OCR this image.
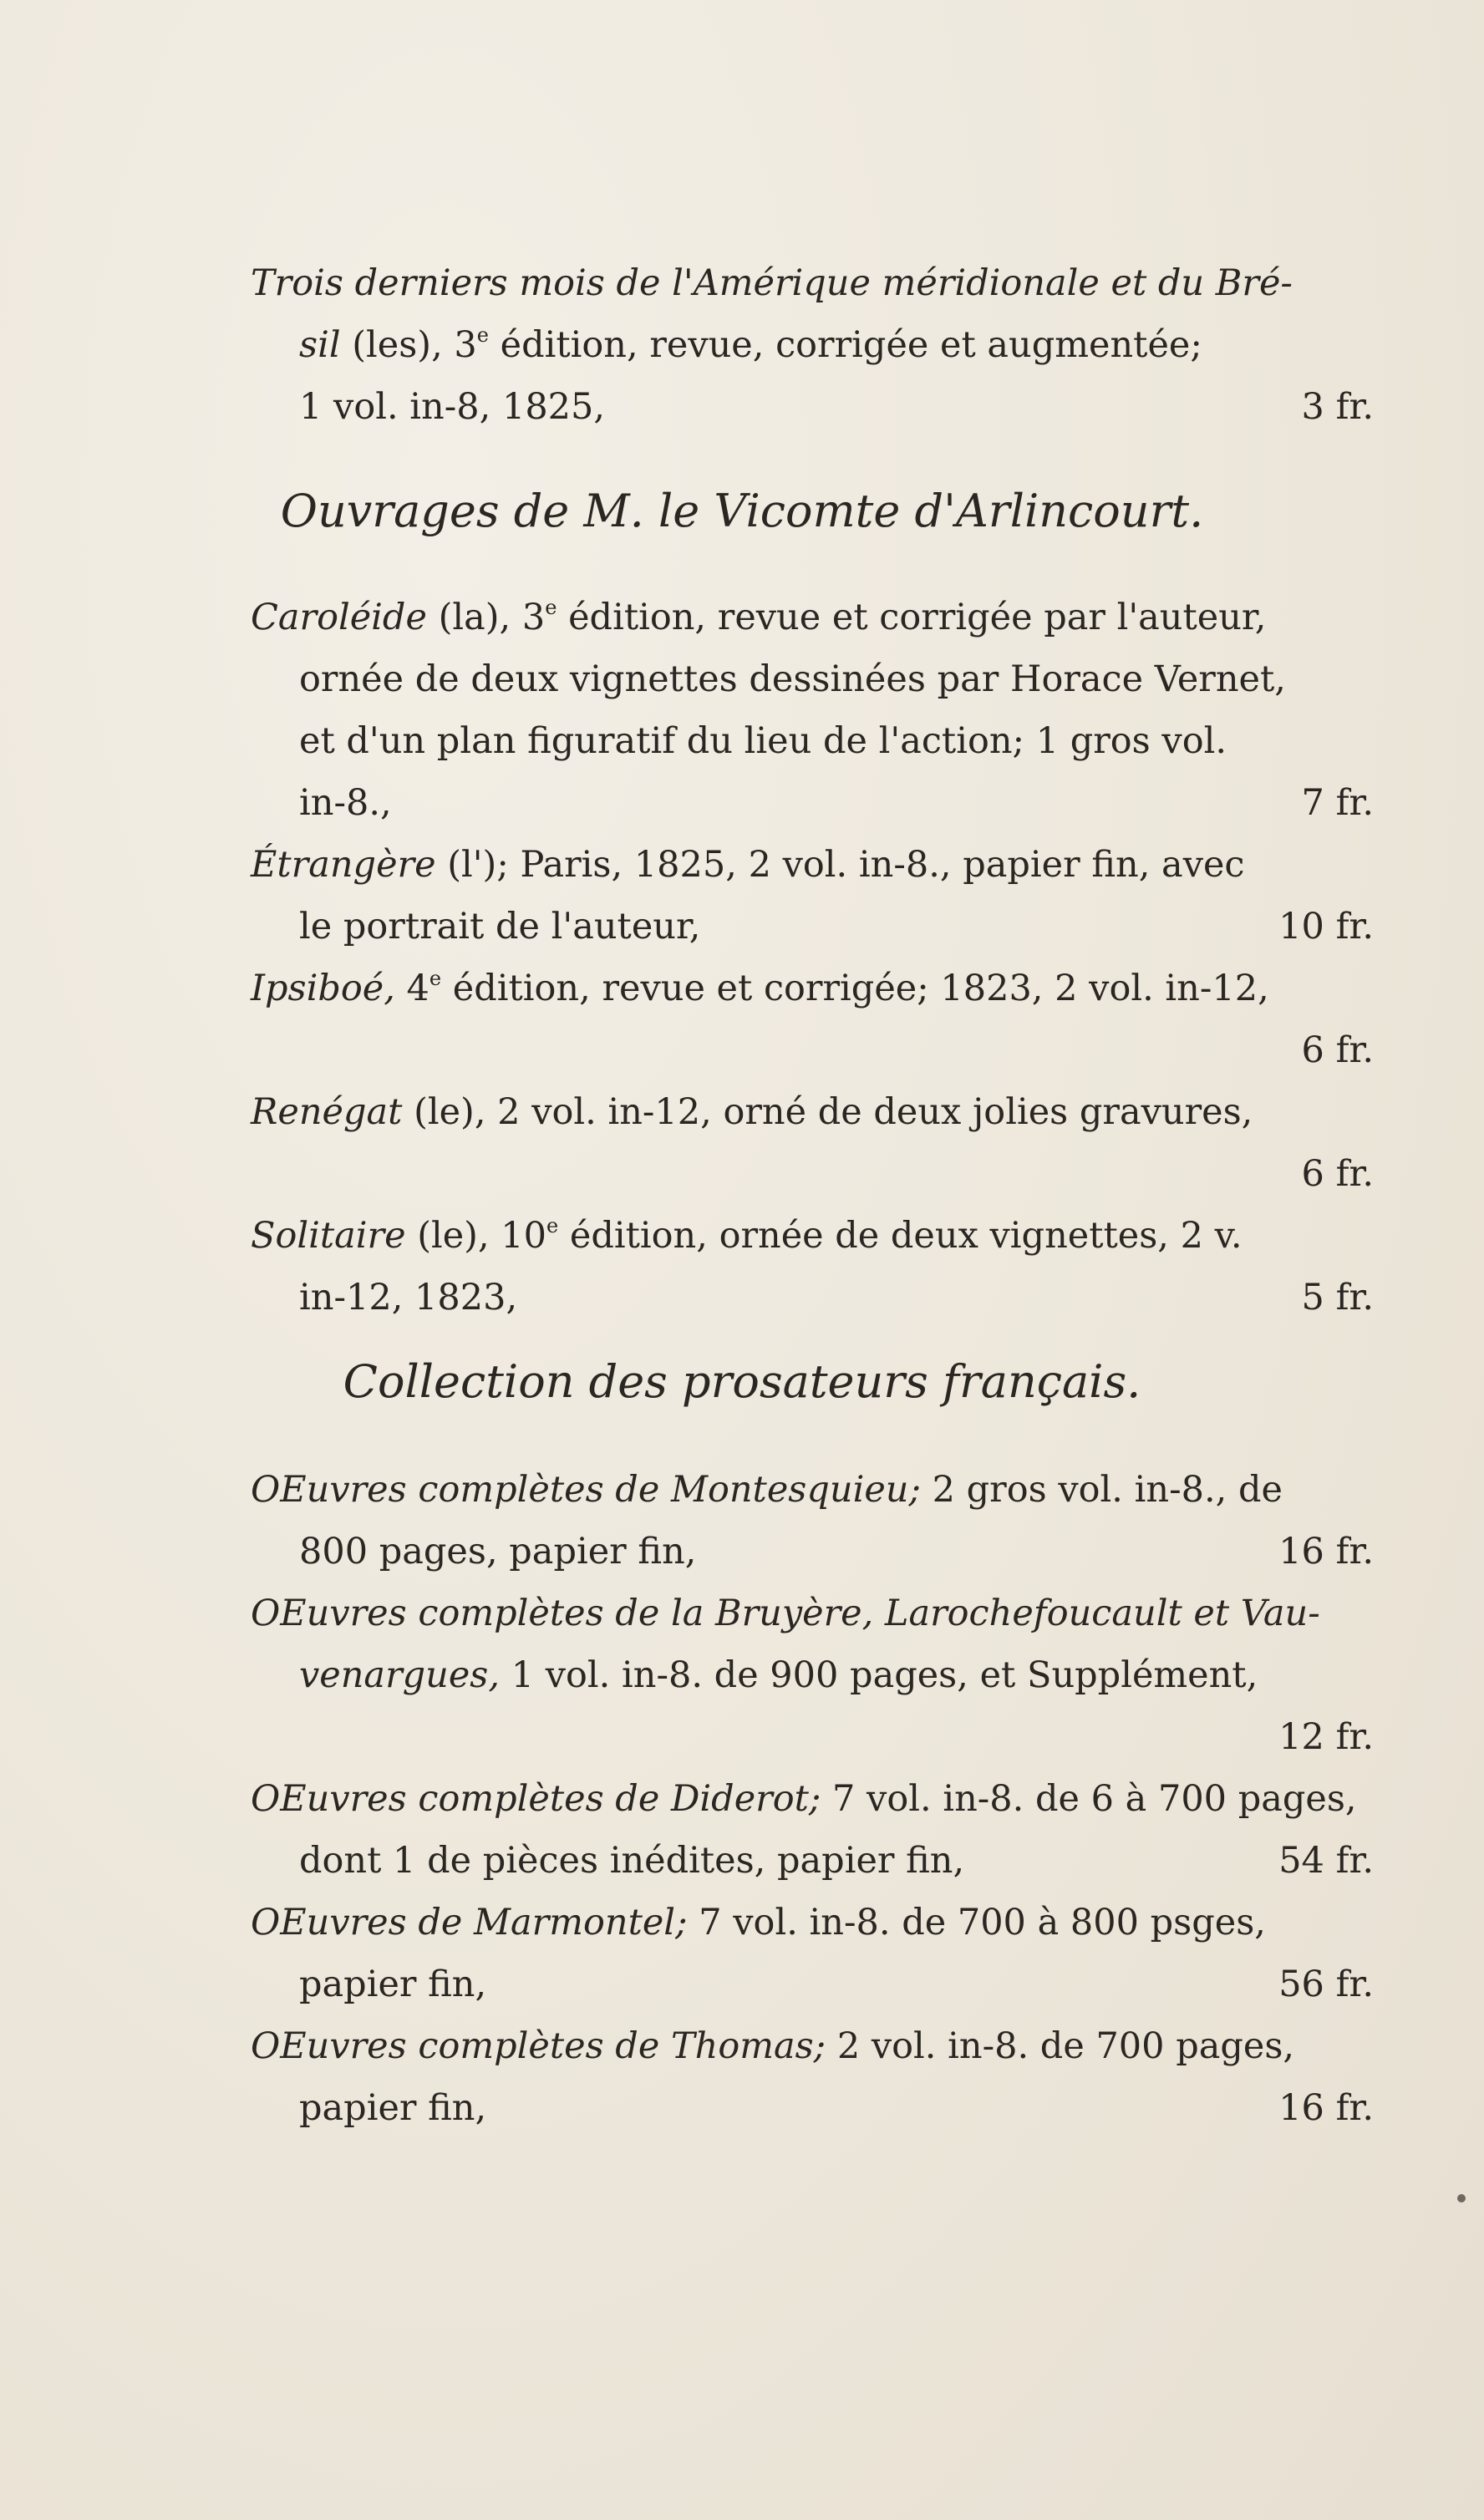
Trois derniers mois de l'Amérique méridionale et du Bré-
sil (les), 3e édition, revue, corrigée et augmentée;
1 vol. in-8, 1825,	3 fr.
Ouvrages de M. le Vicomte d'Arlincourt.
Caroléide (la), 3e édition, revue et corrigée par l'auteur,
ornée de deux vignettes dessinées par Horace Vernet,
et d'un plan figuratif du lieu de l'action; 1 gros vol.
in-8.,	7 fr.
Étrangère (l'); Paris, 1825, 2 vol. in-8., papier fin, avec
le portrait de l'auteur,	10 fr.
Ipsiboé, 4e édition, revue et corrigée; 1823, 2 vol. in-12,
6 fr.
Renégat (le), 2 vol. in-12, orné de deux jolies gravures,
6 fr.
Solitaire (le), 10e édition, ornée de deux vignettes, 2 v.
in-12, 1823,	5 fr.
Collection des prosateurs français.
OEuvres complètes de Montesquieu; 2 gros vol. in-8., de
800 pages, papier fin,	16 fr.
OEuvres complètes de la Bruyère, Larochefoucault et Vau-
venargues, 1 vol. in-8. de 900 pages, et Supplément,
12 fr.
OEuvres complètes de Diderot; 7 vol. in-8. de 6 à 700 pages,
dont 1 de pièces inédites, papier fin,	54 fr.
OEuvres de Marmontel; 7 vol. in-8. de 700 à 800 psges,
papier fin,	56 fr.
OEuvres complètes de Thomas; 2 vol. in-8. de 700 pages,
papier fin,	16 fr.
